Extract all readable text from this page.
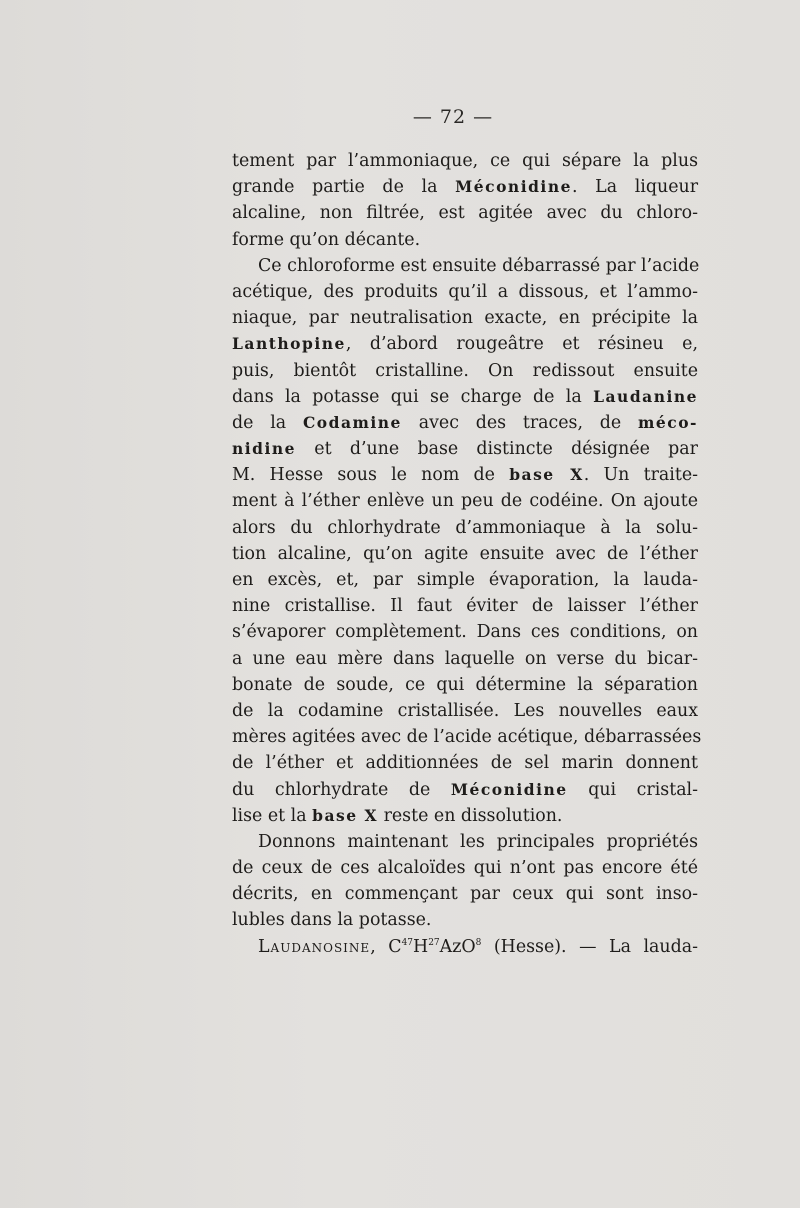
— 72 —
tement par l’ammoniaque, ce qui sépare la plus
grande partie de la Méconidine. La liqueur
alcaline, non filtrée, est agitée avec du chloro-
forme qu’on décante.
Ce chloroforme est ensuite débarrassé par l’acide
acétique, des produits qu’il a dissous, et l’ammo-
niaque, par neutralisation exacte, en précipite la
Lanthopine, d’abord rougeâtre et résineu e,
puis, bientôt cristalline. On redissout ensuite
dans la potasse qui se charge de la Laudanine
de la Codamine avec des traces, de méco-
nidine et d’une base distincte désignée par
M. Hesse sous le nom de base X. Un traite-
ment à l’éther enlève un peu de codéine. On ajoute
alors du chlorhydrate d’ammoniaque à la solu-
tion alcaline, qu’on agite ensuite avec de l’éther
en excès, et, par simple évaporation, la lauda-
nine cristallise. Il faut éviter de laisser l’éther
s’évaporer complètement. Dans ces conditions, on
a une eau mère dans laquelle on verse du bicar-
bonate de soude, ce qui détermine la séparation
de la codamine cristallisée. Les nouvelles eaux
mères agitées avec de l’acide acétique, débarrassées
de l’éther et additionnées de sel marin donnent
du chlorhydrate de Méconidine qui cristal-
lise et la base X reste en dissolution.
Donnons maintenant les principales propriétés
de ceux de ces alcaloïdes qui n’ont pas encore été
décrits, en commençant par ceux qui sont inso-
lubles dans la potasse.
Laudanosine, $C^{47}H^{27}AzO^8$ (Hesse). — La lauda-
